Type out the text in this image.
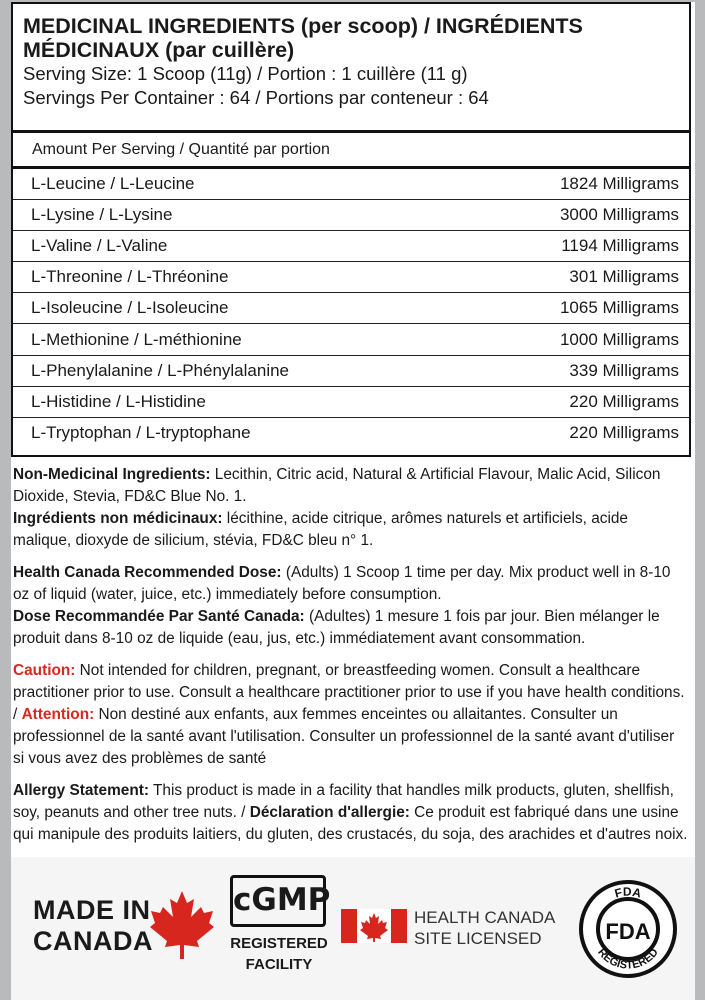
MEDICINAL INGREDIENTS (per scoop) / INGRÉDIENTS MÉDICINAUX (par cuillère)
Serving Size: 1 Scoop (11g) / Portion : 1 cuillère (11 g)
Servings Per Container : 64 / Portions par conteneur : 64
Amount Per Serving / Quantité par portion
L-Leucine / L-Leucine	1824 Milligrams
L-Lysine / L-Lysine	3000 Milligrams
L-Valine / L-Valine	1194 Milligrams
L-Threonine / L-Thréonine	301 Milligrams
L-Isoleucine / L-Isoleucine	1065 Milligrams
L-Methionine / L-méthionine	1000 Milligrams
L-Phenylalanine / L-Phénylalanine	339 Milligrams
L-Histidine / L-Histidine	220 Milligrams
L-Tryptophan / L-tryptophane	220 Milligrams

Non-Medicinal Ingredients: Lecithin, Citric acid, Natural & Artificial Flavour, Malic Acid, Silicon Dioxide, Stevia, FD&C Blue No. 1.
Ingrédients non médicinaux: lécithine, acide citrique, arômes naturels et artificiels, acide malique, dioxyde de silicium, stévia, FD&C bleu n° 1.

Health Canada Recommended Dose: (Adults) 1 Scoop 1 time per day. Mix product well in 8-10 oz of liquid (water, juice, etc.) immediately before consumption.
Dose Recommandée Par Santé Canada: (Adultes) 1 mesure 1 fois par jour. Bien mélanger le produit dans 8-10 oz de liquide (eau, jus, etc.) immédiatement avant consommation.

Caution: Not intended for children, pregnant, or breastfeeding women. Consult a healthcare practitioner prior to use. Consult a healthcare practitioner prior to use if you have health conditions. / Attention: Non destiné aux enfants, aux femmes enceintes ou allaitantes. Consulter un professionnel de la santé avant l'utilisation. Consulter un professionnel de la santé avant d'utiliser si vous avez des problèmes de santé

Allergy Statement: This product is made in a facility that handles milk products, gluten, shellfish, soy, peanuts and other tree nuts. / Déclaration d'allergie: Ce produit est fabriqué dans une usine qui manipule des produits laitiers, du gluten, des crustacés, du soja, des arachides et d'autres noix.

MADE IN
CANADA
cGMP
REGISTERED
FACILITY
HEALTH CANADA
SITE LICENSED
FDA
FDA
REGISTERED
